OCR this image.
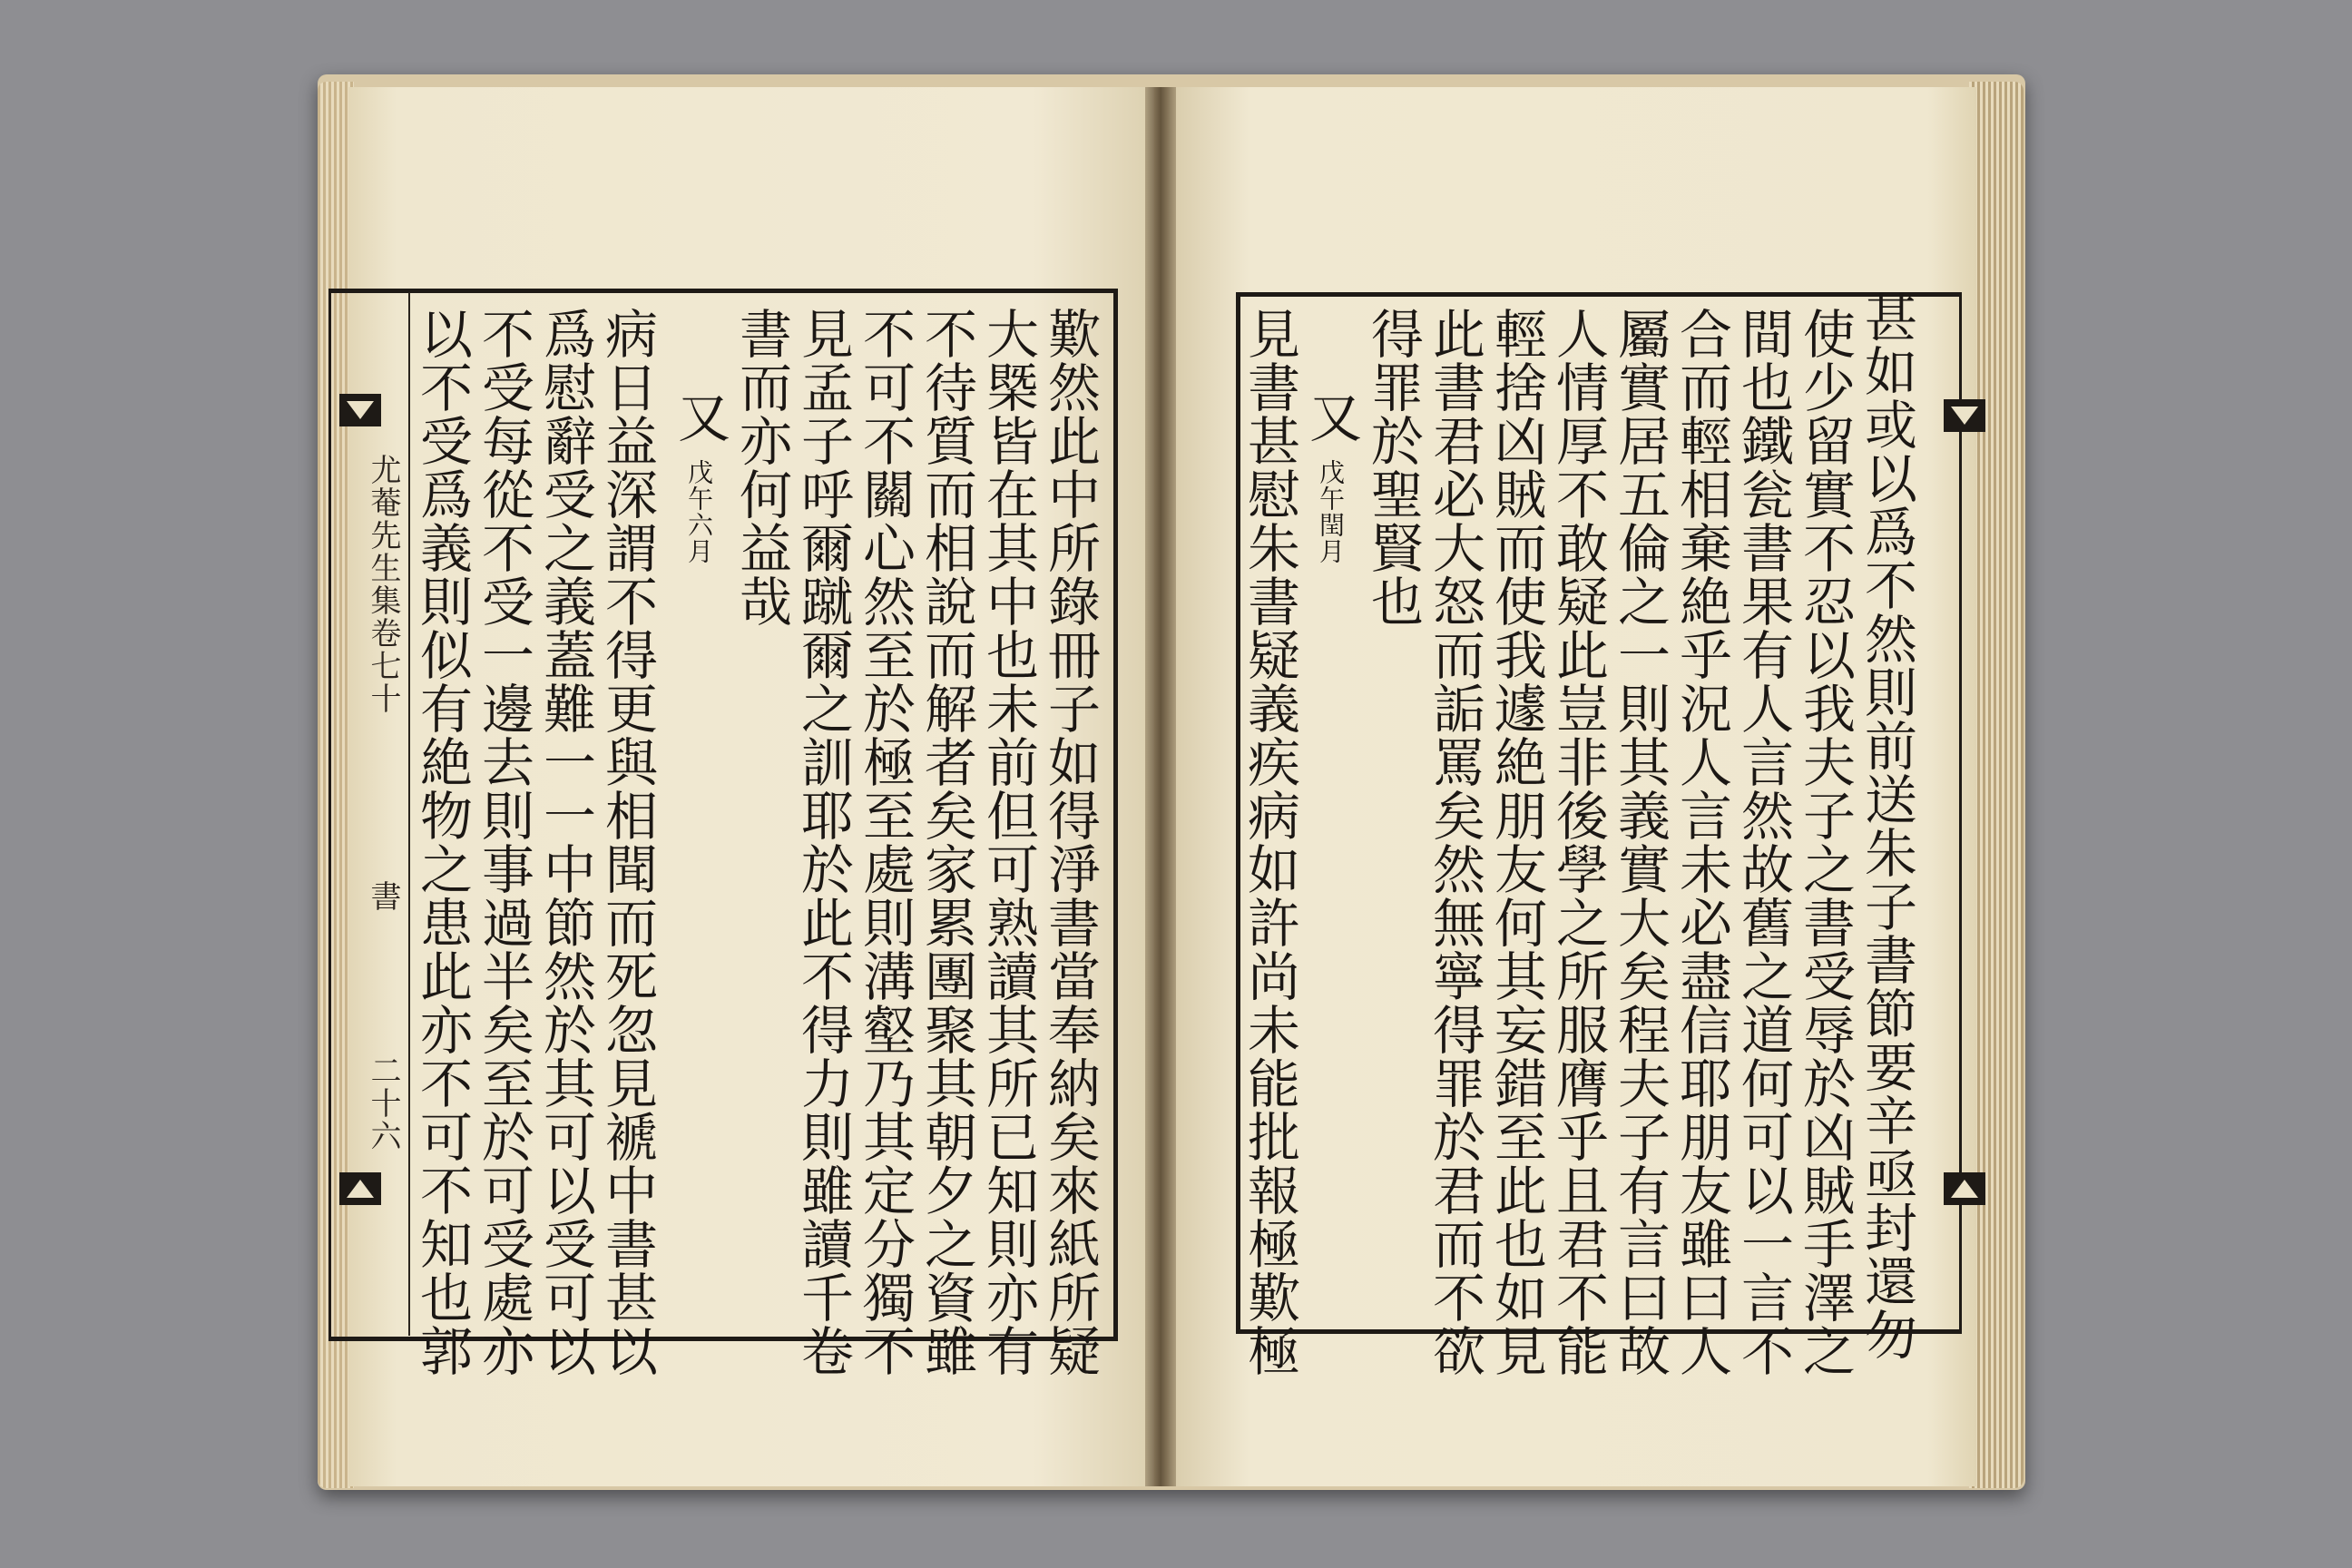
尤菴先生集卷七十
書
二十六	歎然此中所錄冊子如得淨書當奉納矣來紙所疑
大槩皆在其中也未前但可熟讀其所已知則亦有
不待質而相說而解者矣家累團聚其朝夕之資雖
不可不關心然至於極至處則溝壑乃其定分獨不
見孟子呼爾蹴爾之訓耶於此不得力則雖讀千卷
書而亦何益哉
又
戊午六月
病日益深謂不得更與相聞而死忽見褫中書甚以
爲慰辭受之義蓋難一一中節然於其可以受可以
不受每從不受一邊去則事過半矣至於可受處亦
以不受爲義則似有絶物之患此亦不可不知也郭	甚如或以爲不然則前送朱子書節要辛亟封還勿
使少留實不忍以我夫子之書受辱於凶賊手澤之
間也鐵瓮書果有人言然故舊之道何可以一言不
合而輕相棄絶乎況人言未必盡信耶朋友雖曰人
屬實居五倫之一則其義實大矣程夫子有言曰故
人情厚不敢疑此豈非後學之所服膺乎且君不能
輕捨凶賊而使我遽絶朋友何其妄錯至此也如見
此書君必大怒而詬罵矣然無寧得罪於君而不欲
得罪於聖賢也
又
戊午閏月
見書甚慰朱書疑義疾病如許尚未能批報極歎極
